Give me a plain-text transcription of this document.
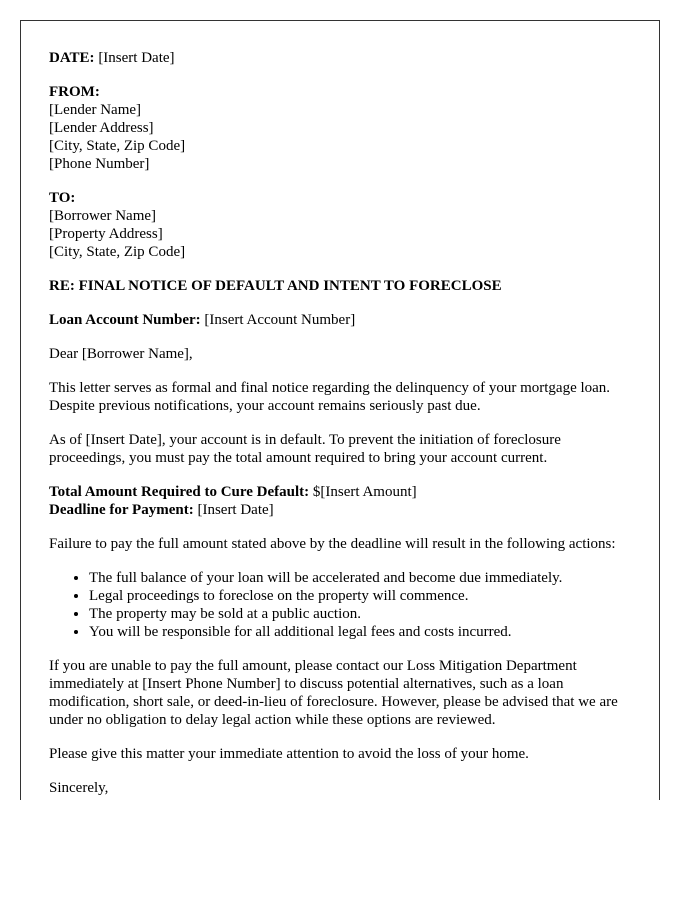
DATE: [Insert Date]

FROM:
[Lender Name]
[Lender Address]
[City, State, Zip Code]
[Phone Number]

TO:
[Borrower Name]
[Property Address]
[City, State, Zip Code]

RE: FINAL NOTICE OF DEFAULT AND INTENT TO FORECLOSE

Loan Account Number: [Insert Account Number]

Dear [Borrower Name],

This letter serves as formal and final notice regarding the delinquency of your mortgage loan. Despite previous notifications, your account remains seriously past due.

As of [Insert Date], your account is in default. To prevent the initiation of foreclosure proceedings, you must pay the total amount required to bring your account current.

Total Amount Required to Cure Default: $[Insert Amount]
Deadline for Payment: [Insert Date]

Failure to pay the full amount stated above by the deadline will result in the following actions:

• The full balance of your loan will be accelerated and become due immediately.
• Legal proceedings to foreclose on the property will commence.
• The property may be sold at a public auction.
• You will be responsible for all additional legal fees and costs incurred.

If you are unable to pay the full amount, please contact our Loss Mitigation Department immediately at [Insert Phone Number] to discuss potential alternatives, such as a loan modification, short sale, or deed-in-lieu of foreclosure. However, please be advised that we are under no obligation to delay legal action while these options are reviewed.

Please give this matter your immediate attention to avoid the loss of your home.

Sincerely,
